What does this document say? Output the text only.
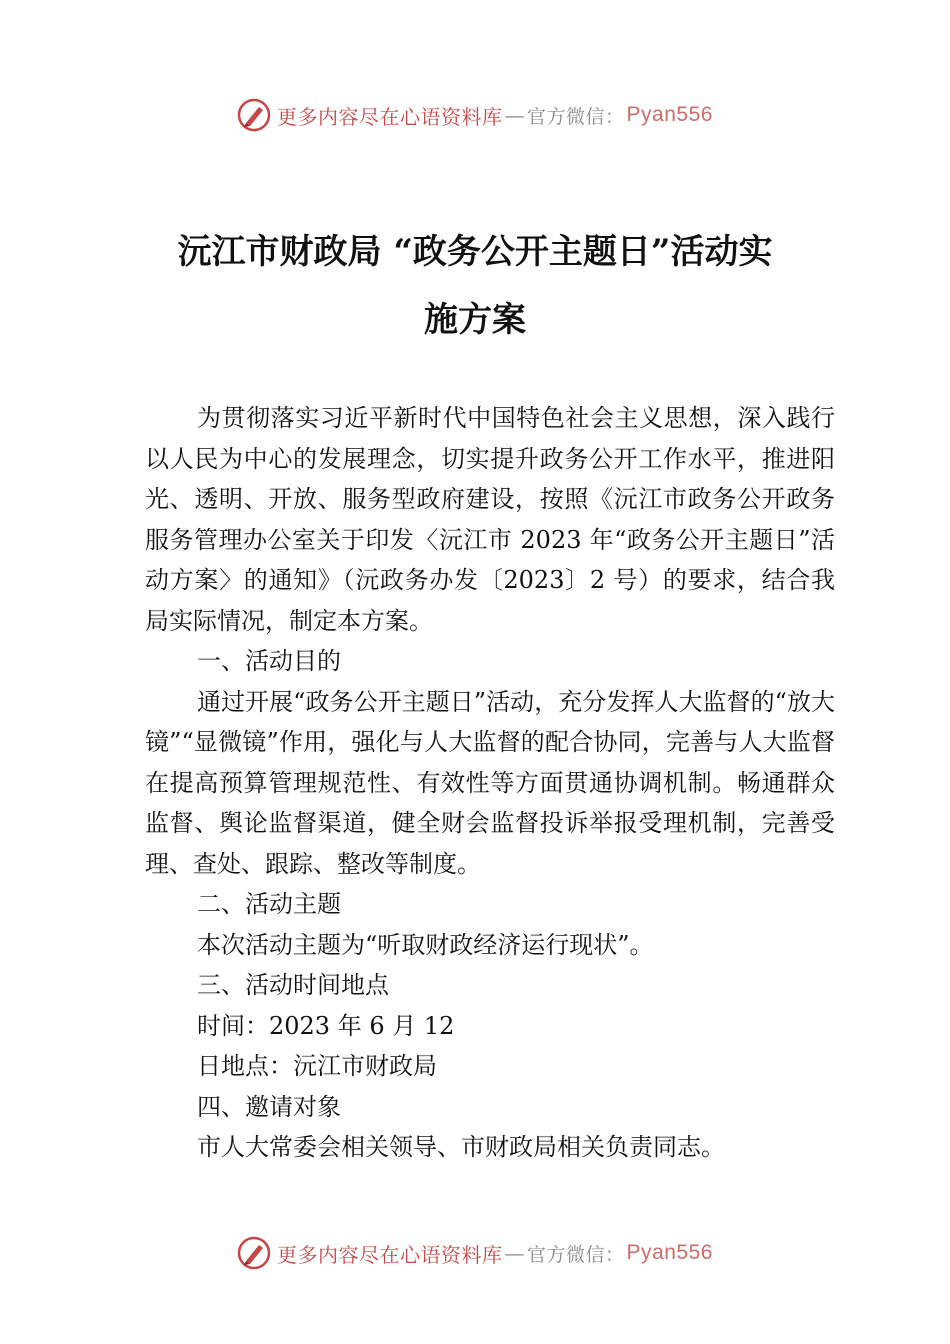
更多内容尽在心语资料库 — 官方微信： Pyan556
沅江市财政局 “政务公开主题日”活动实
施方案

为贯彻落实习近平新时代中国特色社会主义思想，深入践行以人民为中心的发展理念，切实提升政务公开工作水平，推进阳光、透明、开放、服务型政府建设，按照《沅江市政务公开政务服务管理办公室关于印发〈沅江市 2023 年“政务公开主题日”活动方案〉的通知》（沅政务办发〔2023〕2 号）的要求，结合我局实际情况，制定本方案。

一、活动目的

通过开展“政务公开主题日”活动，充分发挥人大监督的“放大镜”“显微镜”作用，强化与人大监督的配合协同，完善与人大监督在提高预算管理规范性、有效性等方面贯通协调机制。畅通群众监督、舆论监督渠道，健全财会监督投诉举报受理机制，完善受理、查处、跟踪、整改等制度。

二、活动主题

本次活动主题为“听取财政经济运行现状”。

三、活动时间地点

时间：2023 年 6 月 12

日地点：沅江市财政局

四、邀请对象

市人大常委会相关领导、市财政局相关负责同志。

更多内容尽在心语资料库 — 官方微信： Pyan556
